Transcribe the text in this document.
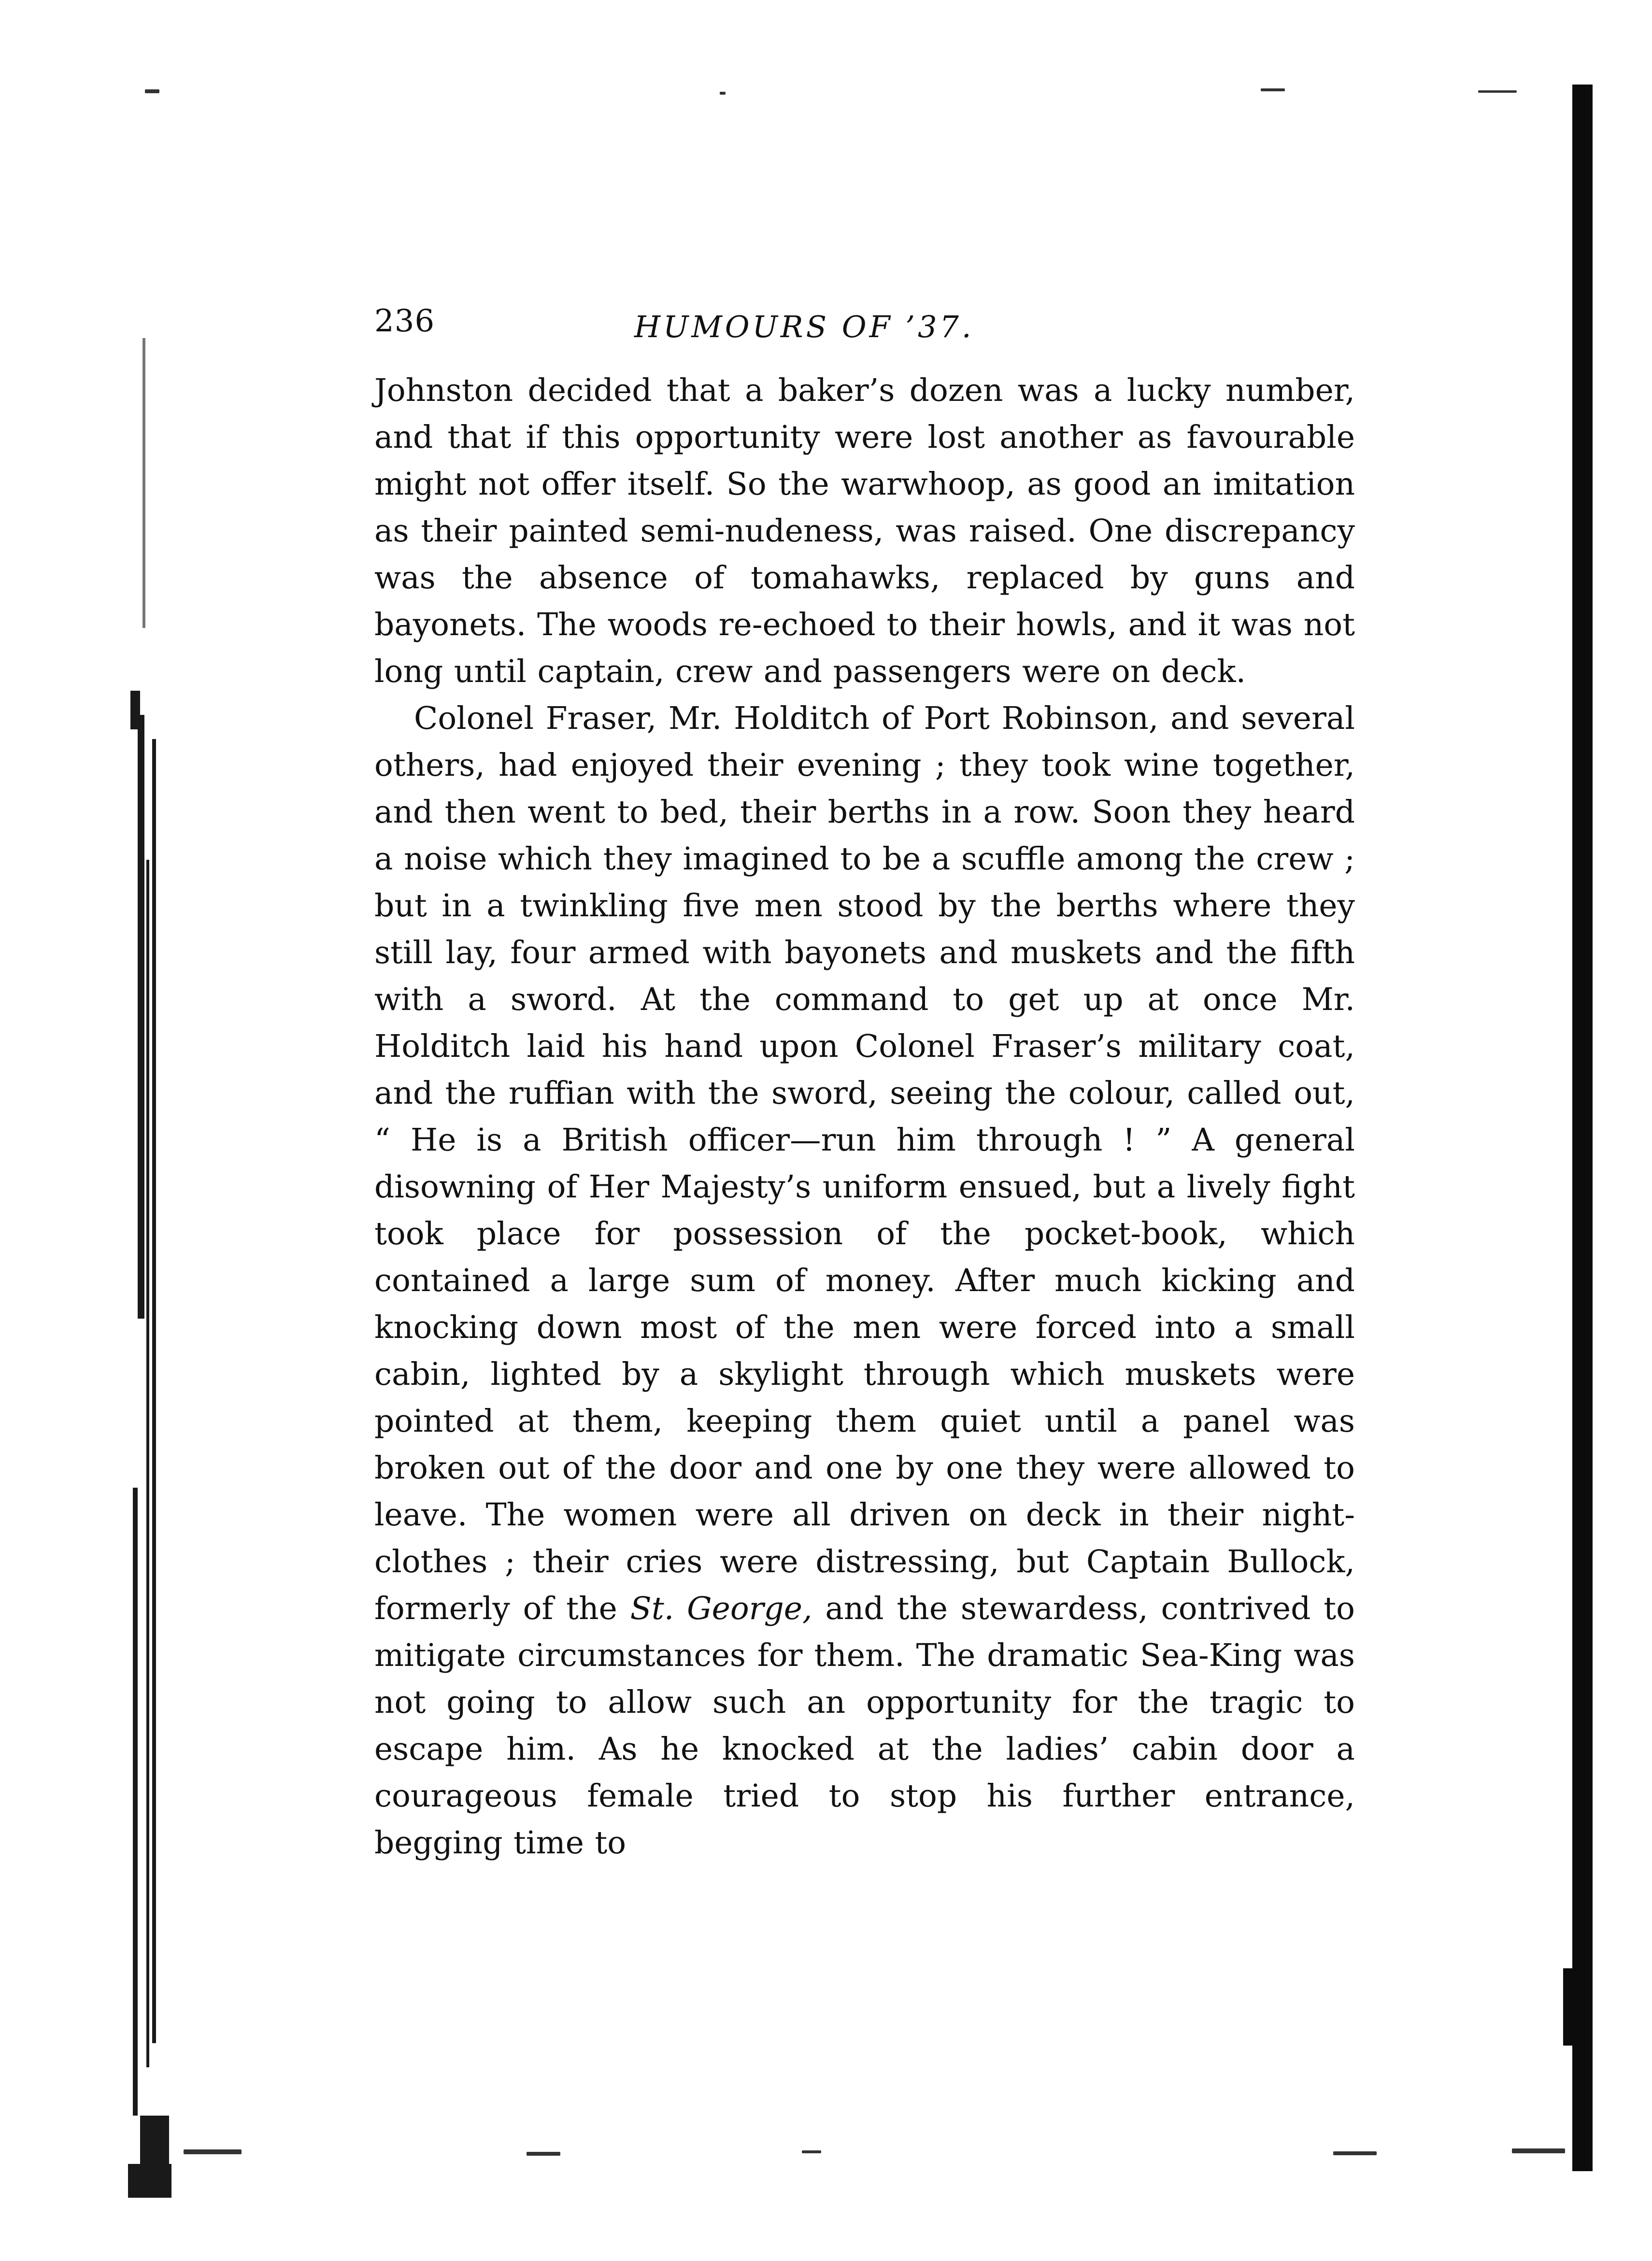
236	HUMOURS OF ’37.

Johnston decided that a baker’s dozen was a lucky number, and that if this opportunity were lost another as favourable might not offer itself. So the warwhoop, as good an imitation as their painted semi-nudeness, was raised. One discrepancy was the absence of tomahawks, replaced by guns and bayonets. The woods re-echoed to their howls, and it was not long until captain, crew and passengers were on deck.

Colonel Fraser, Mr. Holditch of Port Robinson, and several others, had enjoyed their evening ; they took wine together, and then went to bed, their berths in a row. Soon they heard a noise which they imagined to be a scuffle among the crew ; but in a twinkling five men stood by the berths where they still lay, four armed with bayonets and muskets and the fifth with a sword. At the command to get up at once Mr. Holditch laid his hand upon Colonel Fraser’s military coat, and the ruffian with the sword, seeing the colour, called out, “ He is a British officer—run him through ! ” A general disowning of Her Majesty’s uniform ensued, but a lively fight took place for possession of the pocket-book, which contained a large sum of money. After much kicking and knocking down most of the men were forced into a small cabin, lighted by a skylight through which muskets were pointed at them, keeping them quiet until a panel was broken out of the door and one by one they were allowed to leave. The women were all driven on deck in their night-clothes ; their cries were distressing, but Captain Bullock, formerly of the St. George, and the stewardess, contrived to mitigate circumstances for them. The dramatic Sea-King was not going to allow such an opportunity for the tragic to escape him. As he knocked at the ladies’ cabin door a courageous female tried to stop his further entrance, begging time to
